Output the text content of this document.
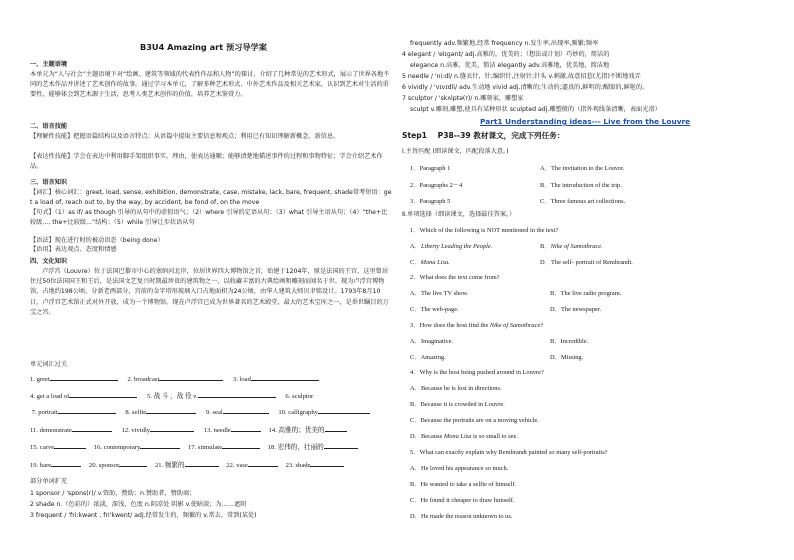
B3U4 Amazing art 预习导学案
一、主题语境
本单元为“人与社会”主题语境下对“绘画、建筑等领域的代表性作品和人物”的探讨，介绍了几种常见的艺术形式，展示了世界各地不同的艺术作品并讲述了艺术创作的故事。通过学习本单元，了解多种艺术形式、中外艺术作品及相关艺术家，认识到艺术对生活的重要性，能够体会到艺术源于生活，思考人类艺术创作的价值，培养艺术鉴赏力。
二、语言技能
【理解性技能】把握语篇结构以及语言特点；从语篇中提取主要信息和观点；利用已有知识理解新概念、新信息。
【表达性技能】学会在表达中利用脚手架组织事实、理由，使表达通顺；能够清楚地描述事件的过程和事物特征；学会介绍艺术作品。
三、语言知识
【词汇】核心词汇：greet, load, sense, exhibition, demonstrate, case, mistake, lack, bare, frequent, shade常考短语：get a load of, reach out to, by the way, by accident, be fond of, on the move
【句式】（1）as if/ as though 引导的从句中的虚拟语气；（2）where 引导的定语从句；（3）what 引导主语从句；（4）“the+比较级..., the+比较级...”结构；（5）while 引导让步状语从句
【语法】现在进行时的被动语态（being done）
【语用】表达观点、态度和情感
四、文化知识
卢浮宫（Louvre）位于法国巴黎市中心的塞纳河北岸，位居世界四大博物馆之首，始建于1204年，原是法国的王宫，这里曾居住过50位法国国王和王后，是法国文艺复兴时期最珍贵的建筑物之一，以收藏丰富的古典绘画和雕刻而闻名于世。现为卢浮宫博物馆，占地约198公顷，分新老两部分，宫前的金字塔形玻璃入口占地面积为24公顷，由华人建筑大师贝聿铭设计。1793年8月10日，卢浮宫艺术馆正式对外开放，成为一个博物馆。现在卢浮宫已成为世界著名的艺术殿堂、最大的艺术宝库之一，是举世瞩目的万宝之宫。
单元词汇过关
1. greet	2. broadcast	3. load
4. get a load of	5. 战 斗 ，战 役 v.	6. sculptor
7. portrait	8. selfie	9. seal	10. calligraphy
11. demonstrate	12. vividly	13. needle	14. 高雅的；优美的
15. carve	16. contemporary	17. stimulate	18. 宏伟的，壮丽的
19. bare	20. sponsor	21. 频繁的	22. vase	23. shade
部分单词扩充
1 sponsor / 'spɒns(r)/ v.资助，赞助；n.赞助者，赞助商；
2 shade n.（色彩的）浓淡，深浅，色度 n.阴凉处 阴影 v.使暗淡；为……遮阳
3 frequent / 'friːkwənt , fri'kwent/ adj.经常发生的，频繁的 v.常去，常到(某处)
frequently adv.频繁地,经常 frequency n.发生率,出现率,频繁;频率
4 elegant / 'elɪgənt/ adj.高雅的，优美的；（想法或计划）巧妙的，简洁的
elegance n.高雅，优美，简洁 elegantly adv.高雅地，优美地，简洁地
5 needle / 'niːdl/ n.缝衣针，针;编织针,注射针;针头 v.刺激,故意招惹(尤指)不断地戏弄
6 vividly / 'vɪvɪdli/ adv.生动地 vivid adj.清晰的;生动的;逼真的,鲜明的;醒眼的,鲜艳的。
7 sculptor / 'skʌlptə(r)/ n.雕刻家，雕塑家
sculpt v.雕刻,雕塑,使具有某种形状 sculpted adj.雕塑般的（指外观线条清晰，表面光滑）
Part1 Understanding ideas--- Live from the Louvre
Step1 P38--39 教材课文，完成下列任务：
Ⅰ.主旨匹配 (细读课文，匹配段落大意。)
1．Paragraph 1	A．The invitation to the Louvre.
2．Paragraphs 2－4	B．The introduction of the trip.
3．Paragraph 5	C．Three famous art collections.
Ⅱ.单项选择（细读课文，选择最佳答案。）
1．Which of the following is NOT mentioned in the text?
A．Liberty Leading the People.	B．Nike of Samothrace.
C．Mona Lisa.	D．The self- portrait of Rembrandt.
2．What does the text come from?
A．The live TV show.	B．The live radio program.
C．The web-page.	D．The newspaper.
3．How does the host find the Nike of Samothrace?
A．Imaginative.	B．Incredible.
C．Amazing.	D．Missing.
4．Why is the host being pushed around in Louvre?
A．Because he is lost in directions.
B．Because it is crowded in Louvre.
C．Because the portraits are on a moving vehicle.
D．Because Mona Lisa is so small to see.
5．What can exactly explain why Rembrandt painted so many self-portraits?
A．He loved his appearance so much.
B．He wanted to take a selfie of himself.
C．He found it cheaper to draw himself.
D．He made the reason unknown to us.
